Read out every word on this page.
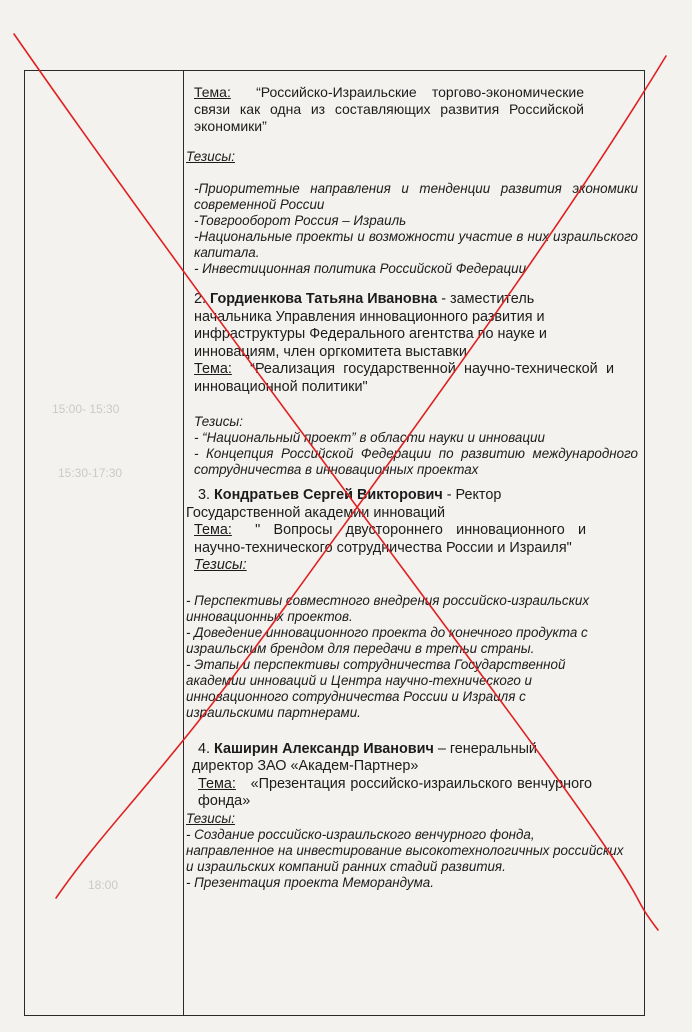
15:00- 15:30
15:30-17:30
18:00

Тема: “Российско-Израильские торгово-экономические связи как одна из составляющих развития Российской экономики”

Тезисы:

-Приоритетные направления и тенденции развития экономики современной России

-Товгрооборот Россия – Израиль

-Национальные проекты и возможности участие в них израильского капитала.

- Инвестиционная политика Российской Федерации

2. Гордиенкова Татьяна Ивановна - заместитель начальника Управления инновационного развития и инфраструктуры Федерального агентства по науке и инновациям, член оргкомитета выставки

Тема: “Реализация государственной научно-технической и инновационной политики"

Тезисы:

- “Национальный проект” в области науки и инновации

- Концепция Российской Федерации по развитию международного сотрудничества в инновационных проектах

3. Кондратьев Сергей Викторович - Ректор Государственной академии инноваций

Тема: " Вопросы двустороннего инновационного и научно-технического сотрудничества России и Израиля"

Тезисы:

- Перспективы совместного внедрения российско-израильских инновационных проектов.

- Доведение инновационного проекта до конечного продукта с израильским брендом для передачи в третьи страны.

- Этапы и перспективы сотрудничества Государственной академии инноваций и Центра научно-технического и инновационного сотрудничества России и Израиля с израильскими партнерами.

4. Каширин Александр Иванович – генеральный директор ЗАО «Академ-Партнер»

Тема: «Презентация российско-израильского венчурного фонда»

Тезисы:

- Создание российско-израильского венчурного фонда, направленное на инвестирование высокотехнологичных российских и израильских компаний ранних стадий развития.

- Презентация проекта Меморандума.
